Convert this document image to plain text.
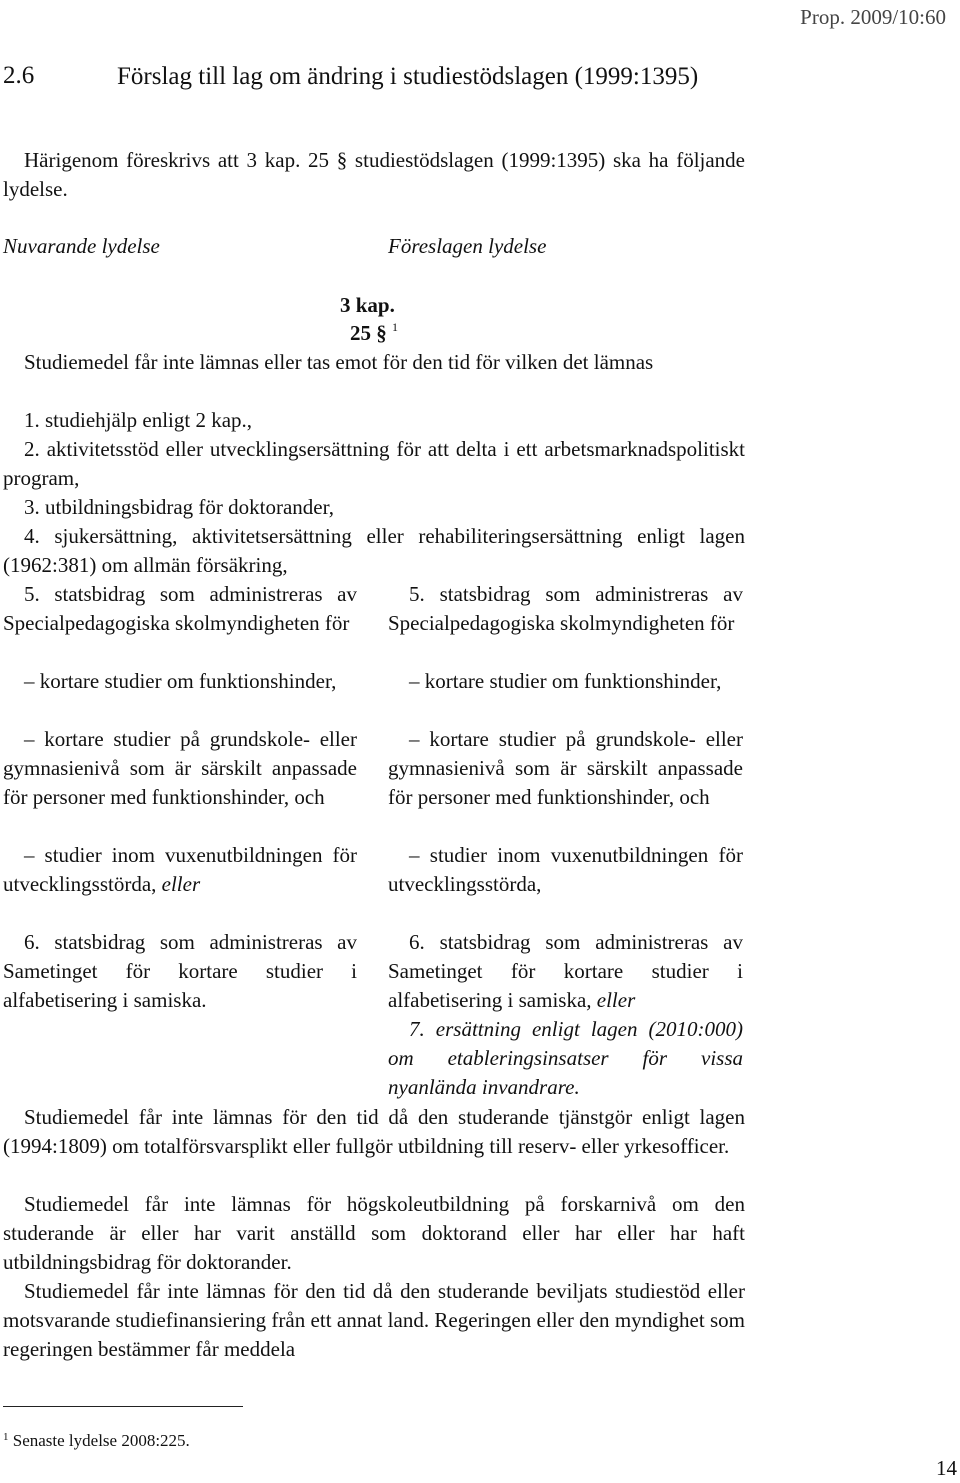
Prop. 2009/10:60
2.6	Förslag till lag om ändring i studiestödslagen (1999:1395)
Härigenom föreskrivs att 3 kap. 25 § studiestödslagen (1999:1395) ska ha följande lydelse.
Nuvarande lydelse	Föreslagen lydelse
3 kap.
25 § $^1$
Studiemedel får inte lämnas eller tas emot för den tid för vilken det lämnas
1. studiehjälp enligt 2 kap.,
2. aktivitetsstöd eller utvecklingsersättning för att delta i ett arbetsmarknadspolitiskt program,
3. utbildningsbidrag för doktorander,
4. sjukersättning, aktivitetsersättning eller rehabiliteringsersättning enligt lagen (1962:381) om allmän försäkring,
5. statsbidrag som administreras av Specialpedagogiska skolmyndigheten för
– kortare studier om funktionshinder,
– kortare studier på grundskole- eller gymnasienivå som är särskilt anpassade för personer med funktionshinder, och
– studier inom vuxenutbildningen för utvecklingsstörda, eller
6. statsbidrag som administreras av Sametinget för kortare studier i alfabetisering i samiska.
5. statsbidrag som administreras av Specialpedagogiska skolmyndigheten för
– kortare studier om funktionshinder,
– kortare studier på grundskole- eller gymnasienivå som är särskilt anpassade för personer med funktionshinder, och
– studier inom vuxenutbildningen för utvecklingsstörda,
6. statsbidrag som administreras av Sametinget för kortare studier i alfabetisering i samiska, eller
7. ersättning enligt lagen (2010:000) om etableringsinsatser för vissa nyanlända invandrare.
Studiemedel får inte lämnas för den tid då den studerande tjänstgör enligt lagen (1994:1809) om totalförsvarsplikt eller fullgör utbildning till reserv- eller yrkesofficer.
Studiemedel får inte lämnas för högskoleutbildning på forskarnivå om den studerande är eller har varit anställd som doktorand eller har eller har haft utbildningsbidrag för doktorander.
Studiemedel får inte lämnas för den tid då den studerande beviljats studiestöd eller motsvarande studiefinansiering från ett annat land. Regeringen eller den myndighet som regeringen bestämmer får meddela
$^1$ Senaste lydelse 2008:225.
14
